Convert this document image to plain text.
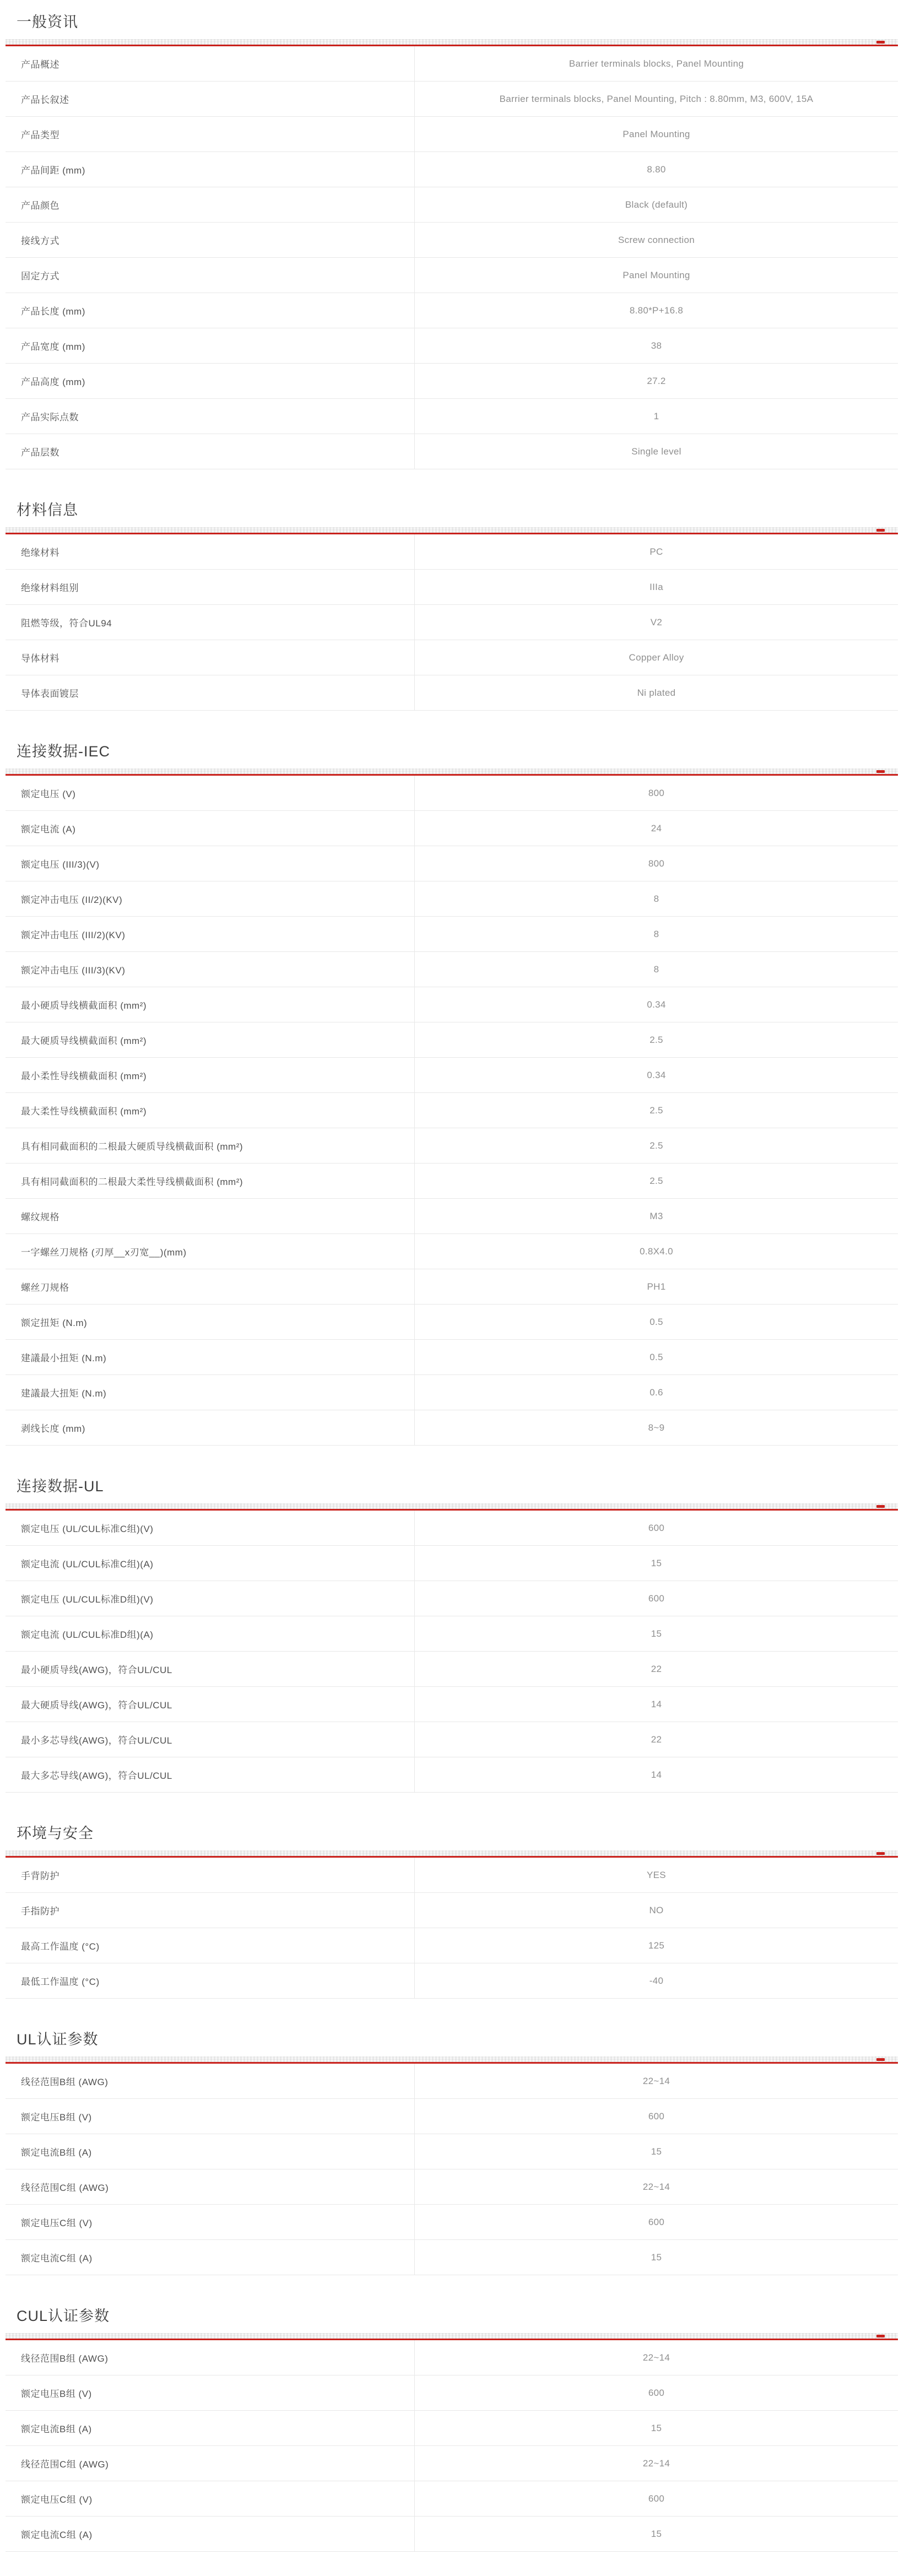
一般资讯
产品概述	Barrier terminals blocks, Panel Mounting
产品长叙述	Barrier terminals blocks, Panel Mounting, Pitch : 8.80mm, M3, 600V, 15A
产品类型	Panel Mounting
产品间距 (mm)	8.80
产品颜色	Black (default)
接线方式	Screw connection
固定方式	Panel Mounting
产品长度 (mm)	8.80*P+16.8
产品宽度 (mm)	38
产品高度 (mm)	27.2
产品实际点数	1
产品层数	Single level
材料信息
绝缘材料	PC
绝缘材料组别	IIIa
阻燃等级，符合UL94	V2
导体材料	Copper Alloy
导体表面镀层	Ni plated
连接数据-IEC
额定电压 (V)	800
额定电流 (A)	24
额定电压 (III/3)(V)	800
额定冲击电压 (II/2)(KV)	8
额定冲击电压 (III/2)(KV)	8
额定冲击电压 (III/3)(KV)	8
最小硬质导线横截面积 (mm²)	0.34
最大硬质导线横截面积 (mm²)	2.5
最小柔性导线横截面积 (mm²)	0.34
最大柔性导线横截面积 (mm²)	2.5
具有相同截面积的二根最大硬质导线横截面积 (mm²)	2.5
具有相同截面积的二根最大柔性导线横截面积 (mm²)	2.5
螺纹规格	M3
一字螺丝刀规格 (刃厚__x刃宽__)(mm)	0.8X4.0
螺丝刀规格	PH1
额定扭矩 (N.m)	0.5
建議最小扭矩 (N.m)	0.5
建議最大扭矩 (N.m)	0.6
剥线长度 (mm)	8~9
连接数据-UL
额定电压 (UL/CUL标准C组)(V)	600
额定电流 (UL/CUL标准C组)(A)	15
额定电压 (UL/CUL标准D组)(V)	600
额定电流 (UL/CUL标准D组)(A)	15
最小硬质导线(AWG)，符合UL/CUL	22
最大硬质导线(AWG)，符合UL/CUL	14
最小多芯导线(AWG)，符合UL/CUL	22
最大多芯导线(AWG)，符合UL/CUL	14
环境与安全
手背防护	YES
手指防护	NO
最高工作温度 (°C)	125
最低工作温度 (°C)	-40
UL认证参数
线径范围B组 (AWG)	22~14
额定电压B组 (V)	600
额定电流B组 (A)	15
线径范围C组 (AWG)	22~14
额定电压C组 (V)	600
额定电流C组 (A)	15
CUL认证参数
线径范围B组 (AWG)	22~14
额定电压B组 (V)	600
额定电流B组 (A)	15
线径范围C组 (AWG)	22~14
额定电压C组 (V)	600
额定电流C组 (A)	15
